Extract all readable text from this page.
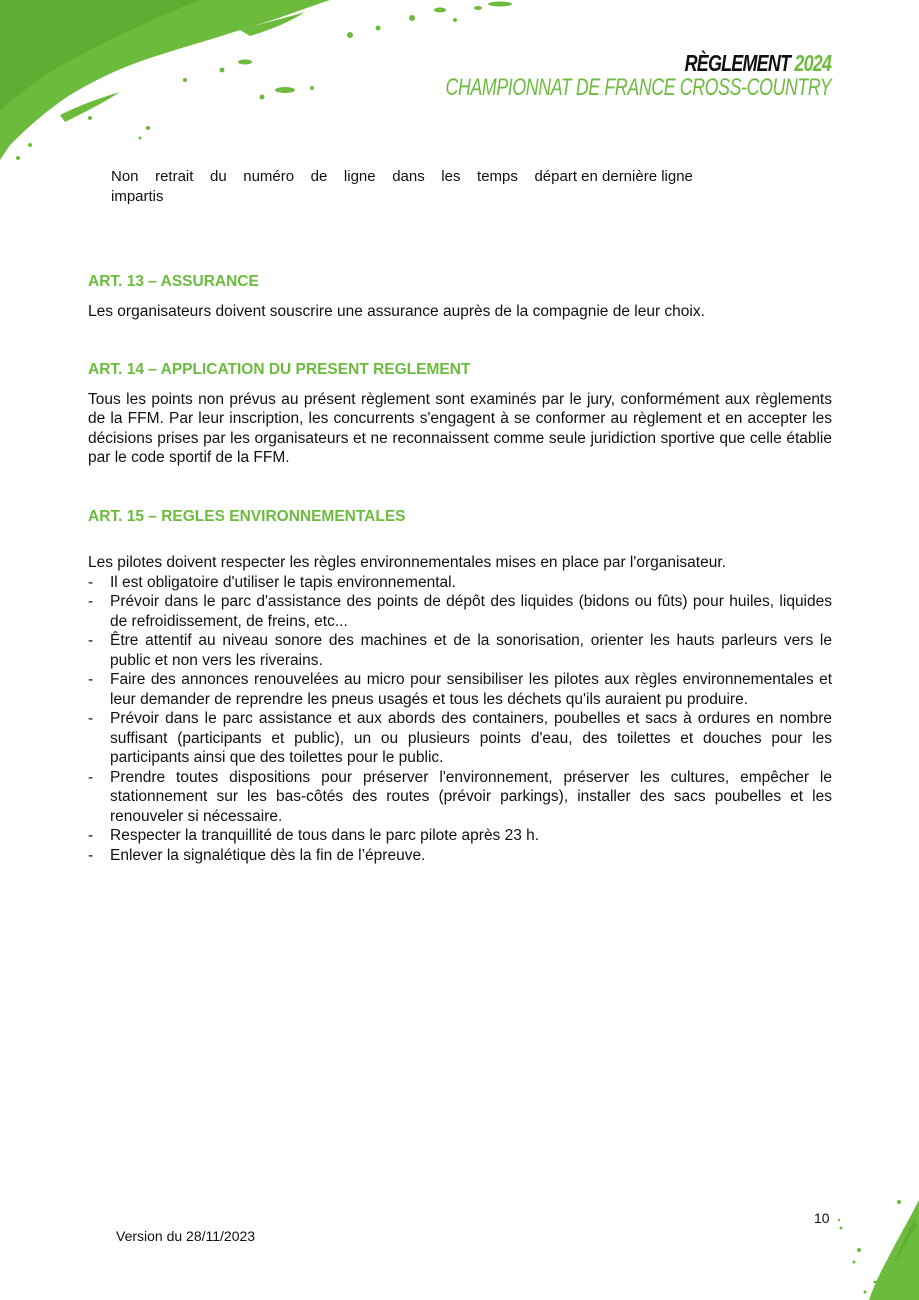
RÈGLEMENT 2024
CHAMPIONNAT DE FRANCE CROSS-COUNTRY
Non retrait du numéro de ligne dans les temps départ en dernière ligne
impartis
ART. 13 – ASSURANCE

Les organisateurs doivent souscrire une assurance auprès de la compagnie de leur choix.

ART. 14 – APPLICATION DU PRESENT REGLEMENT

Tous les points non prévus au présent règlement sont examinés par le jury, conformément aux règlements de la FFM. Par leur inscription, les concurrents s'engagent à se conformer au règlement et en accepter les décisions prises par les organisateurs et ne reconnaissent comme seule juridiction sportive que celle établie par le code sportif de la FFM.

ART. 15 – REGLES ENVIRONNEMENTALES

Les pilotes doivent respecter les règles environnementales mises en place par l'organisateur.

- Il est obligatoire d'utiliser le tapis environnemental.
- Prévoir dans le parc d'assistance des points de dépôt des liquides (bidons ou fûts) pour huiles, liquides de refroidissement, de freins, etc...
- Être attentif au niveau sonore des machines et de la sonorisation, orienter les hauts parleurs vers le public et non vers les riverains.
- Faire des annonces renouvelées au micro pour sensibiliser les pilotes aux règles environnementales et leur demander de reprendre les pneus usagés et tous les déchets qu'ils auraient pu produire.
- Prévoir dans le parc assistance et aux abords des containers, poubelles et sacs à ordures en nombre suffisant (participants et public), un ou plusieurs points d'eau, des toilettes et douches pour les participants ainsi que des toilettes pour le public.
- Prendre toutes dispositions pour préserver l'environnement, préserver les cultures, empêcher le stationnement sur les bas-côtés des routes (prévoir parkings), installer des sacs poubelles et les renouveler si nécessaire.
- Respecter la tranquillité de tous dans le parc pilote après 23 h.
- Enlever la signalétique dès la fin de l’épreuve.
Version du 28/11/2023
10
